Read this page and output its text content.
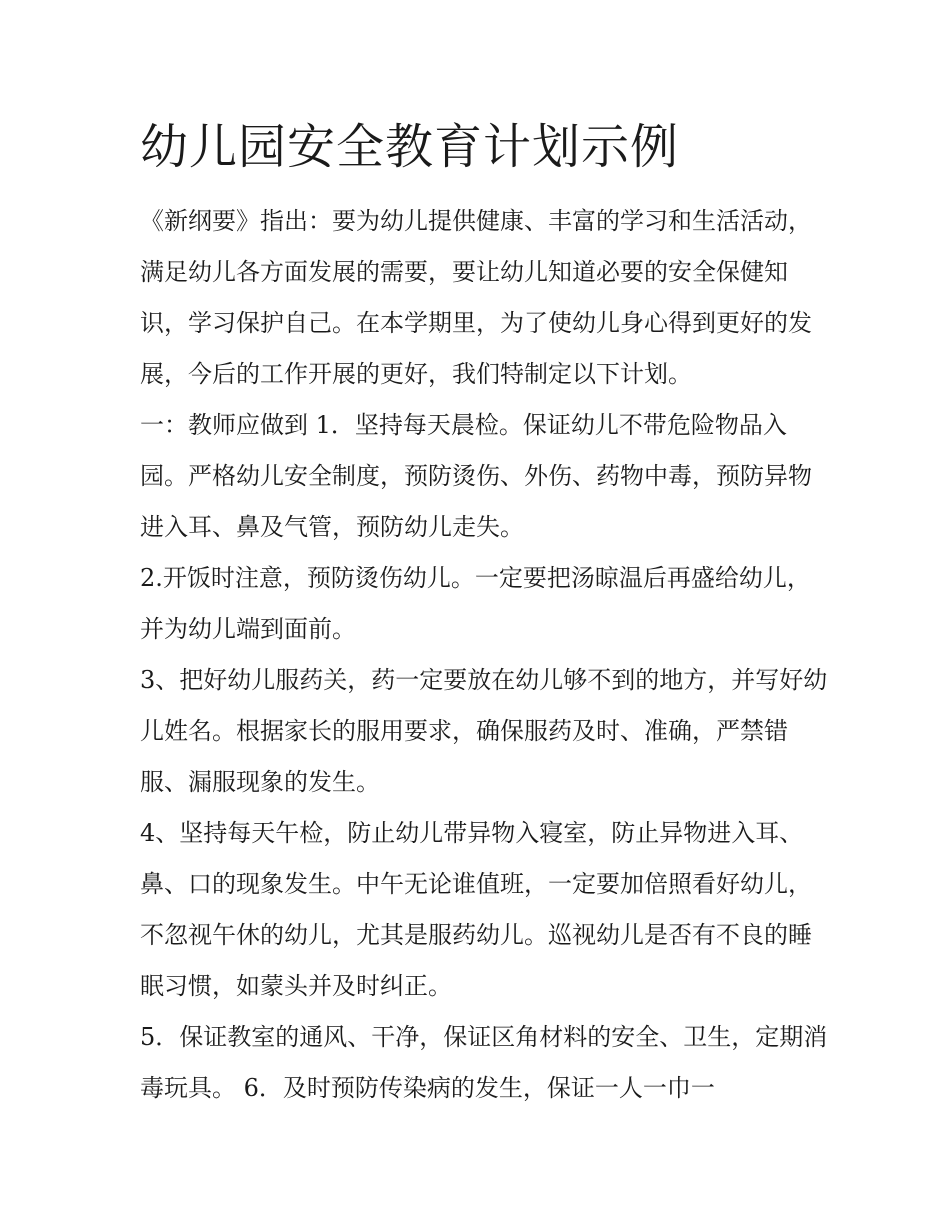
幼儿园安全教育计划示例

《新纲要》指出：要为幼儿提供健康、丰富的学习和生活活动，满足幼儿各方面发展的需要，要让幼儿知道必要的安全保健知识，学习保护自己。在本学期里，为了使幼儿身心得到更好的发展，今后的工作开展的更好，我们特制定以下计划。

一：教师应做到 1．坚持每天晨检。保证幼儿不带危险物品入园。严格幼儿安全制度，预防烫伤、外伤、药物中毒，预防异物进入耳、鼻及气管，预防幼儿走失。

2.开饭时注意，预防烫伤幼儿。一定要把汤晾温后再盛给幼儿，并为幼儿端到面前。

3、把好幼儿服药关，药一定要放在幼儿够不到的地方，并写好幼儿姓名。根据家长的服用要求，确保服药及时、准确，严禁错服、漏服现象的发生。

4、坚持每天午检，防止幼儿带异物入寝室，防止异物进入耳、鼻、口的现象发生。中午无论谁值班，一定要加倍照看好幼儿，不忽视午休的幼儿，尤其是服药幼儿。巡视幼儿是否有不良的睡眠习惯，如蒙头并及时纠正。

5．保证教室的通风、干净，保证区角材料的安全、卫生，定期消毒玩具。 6．及时预防传染病的发生，保证一人一巾一
